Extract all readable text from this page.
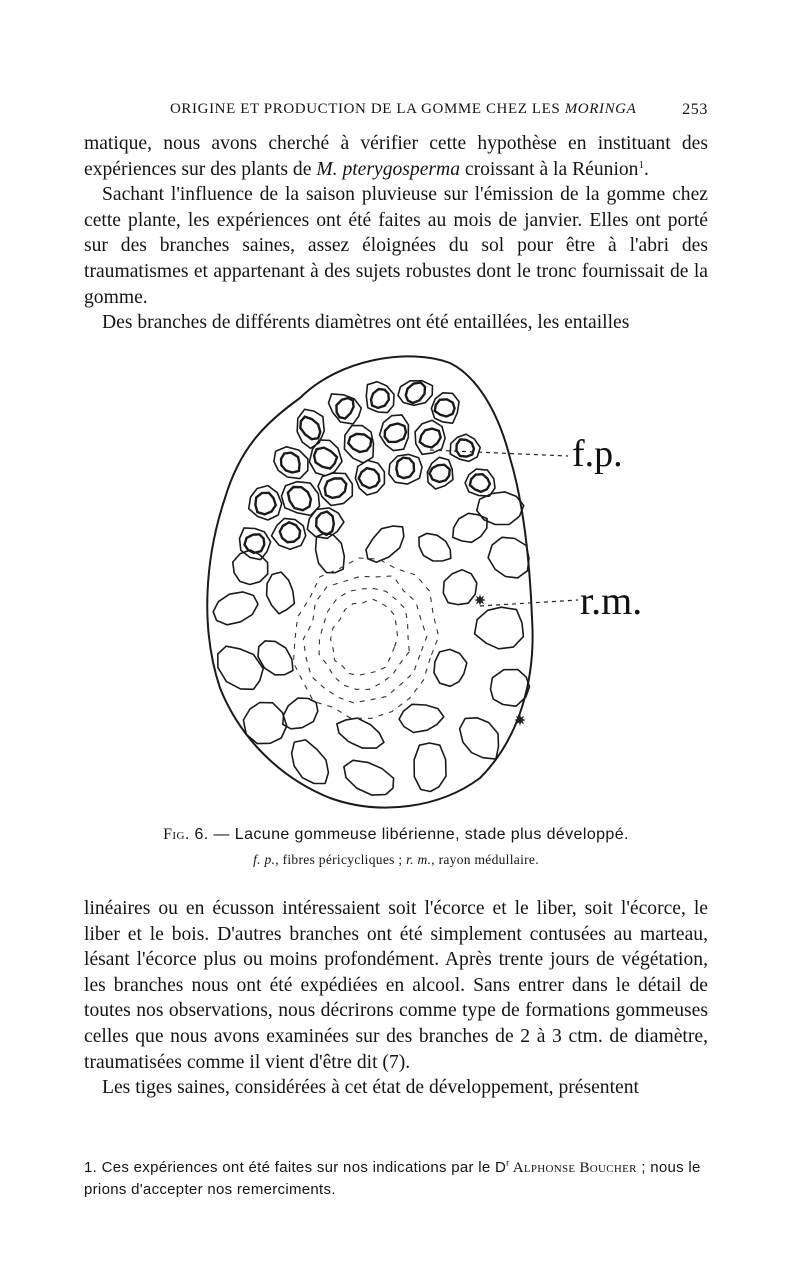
ORIGINE ET PRODUCTION DE LA GOMME CHEZ LES MORINGA	253

matique, nous avons cherché à vérifier cette hypothèse en instituant des expériences sur des plants de M. pterygosperma croissant à la Réunion$^1$.

Sachant l'influence de la saison pluvieuse sur l'émission de la gomme chez cette plante, les expériences ont été faites au mois de janvier. Elles ont porté sur des branches saines, assez éloignées du sol pour être à l'abri des traumatismes et appartenant à des sujets robustes dont le tronc fournissait de la gomme.

Des branches de différents diamètres ont été entaillées, les entailles

f.p.
r.m.
Fig. 6. — Lacune gommeuse libérienne, stade plus développé.
f. p., fibres péricycliques ; r. m., rayon médullaire.

linéaires ou en écusson intéressaient soit l'écorce et le liber, soit l'écorce, le liber et le bois. D'autres branches ont été simplement contusées au marteau, lésant l'écorce plus ou moins profondément. Après trente jours de végétation, les branches nous ont été expédiées en alcool. Sans entrer dans le détail de toutes nos observations, nous décrirons comme type de formations gommeuses celles que nous avons examinées sur des branches de 2 à 3 ctm. de diamètre, traumatisées comme il vient d'être dit (7).

Les tiges saines, considérées à cet état de développement, présentent

1. Ces expériences ont été faites sur nos indications par le $D^r$ Alphonse Boucher ; nous le prions d'accepter nos remerciments.
